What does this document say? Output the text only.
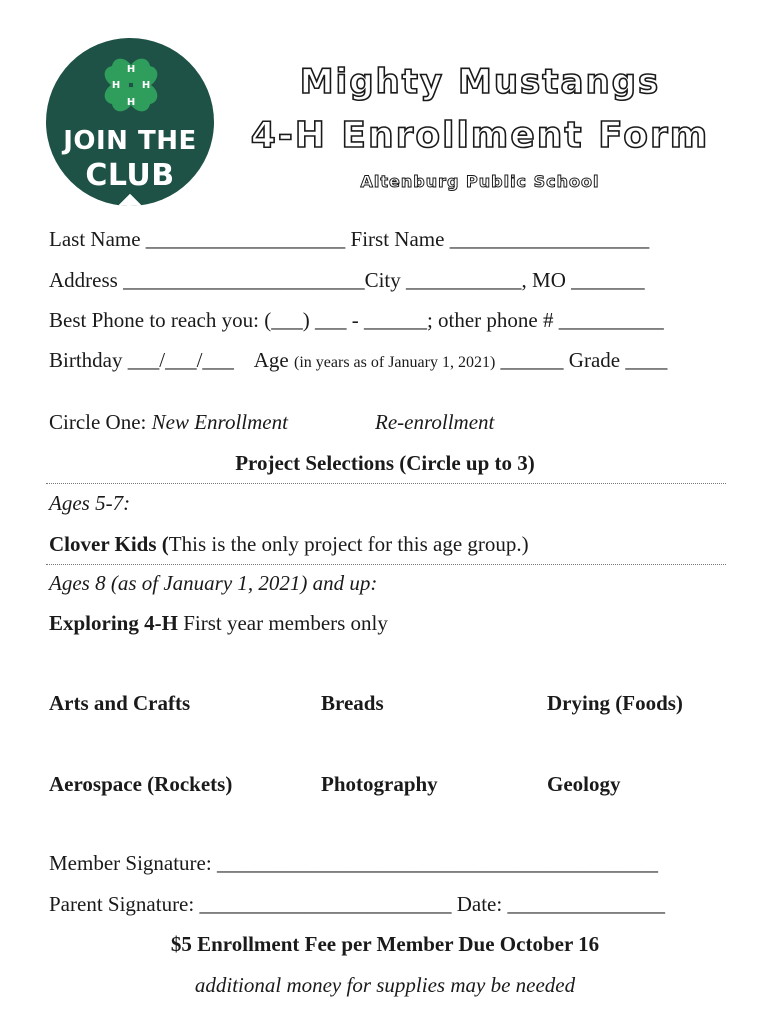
H
H
H
H
JOIN THE
CLUB
Mighty Mustangs
4-H Enrollment Form
Altenburg Public School
Last Name ___________________ First Name ___________________
Address _______________________City ___________, MO _______
Best Phone to reach you: (___) ___ - ______; other phone # __________
Birthday ___/___/___ Age (in years as of January 1, 2021) ______ Grade ____
Circle One: New Enrollment	Re-enrollment
Project Selections (Circle up to 3)
Ages 5-7:
Clover Kids (This is the only project for this age group.)
Ages 8 (as of January 1, 2021) and up:
Exploring 4-H First year members only
Arts and Crafts	Breads	Drying (Foods)
Aerospace (Rockets)	Photography	Geology
Member Signature: __________________________________________
Parent Signature: ________________________ Date: _______________
$5 Enrollment Fee per Member Due October 16
additional money for supplies may be needed
